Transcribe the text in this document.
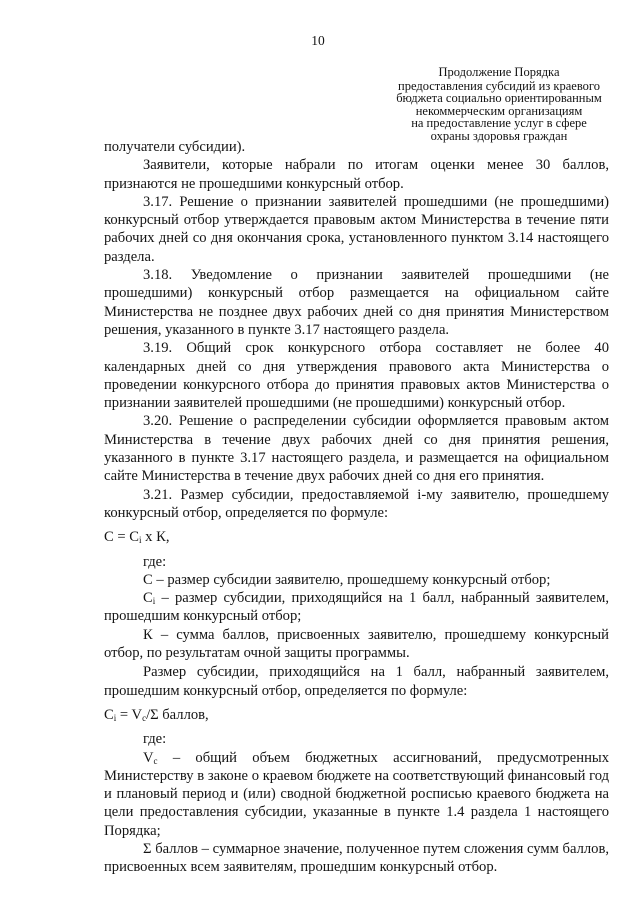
10
Продолжение Порядка
предоставления субсидий из краевого
бюджета социально ориентированным
некоммерческим организациям
на предоставление услуг в сфере
охраны здоровья граждан

получатели субсидии).

Заявители, которые набрали по итогам оценки менее 30 баллов, признаются не прошедшими конкурсный отбор.

3.17. Решение о признании заявителей прошедшими (не прошедшими) конкурсный отбор утверждается правовым актом Министерства в течение пяти рабочих дней со дня окончания срока, установленного пунктом 3.14 настоящего раздела.

3.18. Уведомление о признании заявителей прошедшими (не прошедшими) конкурсный отбор размещается на официальном сайте Министерства не позднее двух рабочих дней со дня принятия Министерством решения, указанного в пункте 3.17 настоящего раздела.

3.19. Общий срок конкурсного отбора составляет не более 40 календарных дней со дня утверждения правового акта Министерства о проведении конкурсного отбора до принятия правовых актов Министерства о признании заявителей прошедшими (не прошедшими) конкурсный отбор.

3.20. Решение о распределении субсидии оформляется правовым актом Министерства в течение двух рабочих дней со дня принятия решения, указанного в пункте 3.17 настоящего раздела, и размещается на официальном сайте Министерства в течение двух рабочих дней со дня его принятия.

3.21. Размер субсидии, предоставляемой i-му заявителю, прошедшему конкурсный отбор, определяется по формуле:

$С = С_i$ х К,

где:

С – размер субсидии заявителю, прошедшему конкурсный отбор;

$С_i$ – размер субсидии, приходящийся на 1 балл, набранный заявителем, прошедшим конкурсный отбор;

К – сумма баллов, присвоенных заявителю, прошедшему конкурсный отбор, по результатам очной защиты программы.

Размер субсидии, приходящийся на 1 балл, набранный заявителем, прошедшим конкурсный отбор, определяется по формуле:

$С_i = V_c/\Sigma$ баллов,

где:

$V_с$ – общий объем бюджетных ассигнований, предусмотренных Министерству в законе о краевом бюджете на соответствующий финансовый год и плановый период и (или) сводной бюджетной росписью краевого бюджета на цели предоставления субсидии, указанные в пункте 1.4 раздела 1 настоящего Порядка;

Σ баллов – суммарное значение, полученное путем сложения сумм баллов, присвоенных всем заявителям, прошедшим конкурсный отбор.
